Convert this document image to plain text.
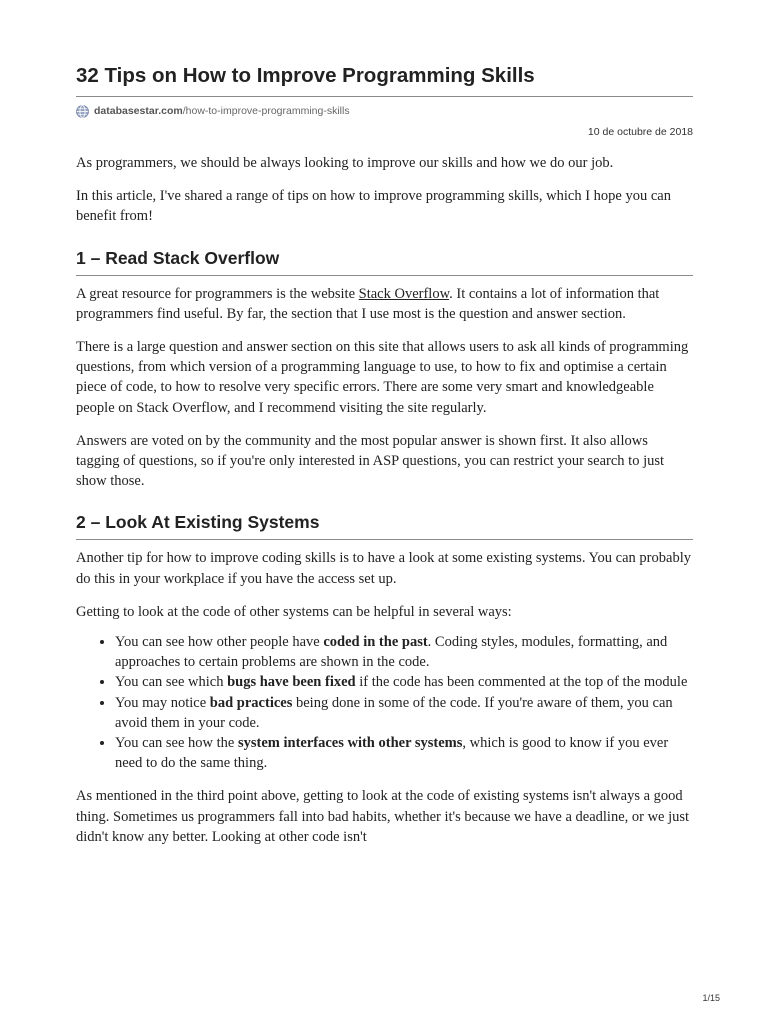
32 Tips on How to Improve Programming Skills
databasestar.com /how-to-improve-programming-skills
10 de octubre de 2018

As programmers, we should be always looking to improve our skills and how we do our job.

In this article, I've shared a range of tips on how to improve programming skills, which I hope you can benefit from!

1 – Read Stack Overflow

A great resource for programmers is the website Stack Overflow. It contains a lot of information that programmers find useful. By far, the section that I use most is the question and answer section.

There is a large question and answer section on this site that allows users to ask all kinds of programming questions, from which version of a programming language to use, to how to fix and optimise a certain piece of code, to how to resolve very specific errors. There are some very smart and knowledgeable people on Stack Overflow, and I recommend visiting the site regularly.

Answers are voted on by the community and the most popular answer is shown first. It also allows tagging of questions, so if you're only interested in ASP questions, you can restrict your search to just show those.

2 – Look At Existing Systems

Another tip for how to improve coding skills is to have a look at some existing systems. You can probably do this in your workplace if you have the access set up.

Getting to look at the code of other systems can be helpful in several ways:

• You can see how other people have coded in the past. Coding styles, modules, formatting, and approaches to certain problems are shown in the code.
• You can see which bugs have been fixed if the code has been commented at the top of the module
• You may notice bad practices being done in some of the code. If you're aware of them, you can avoid them in your code.
• You can see how the system interfaces with other systems, which is good to know if you ever need to do the same thing.

As mentioned in the third point above, getting to look at the code of existing systems isn't always a good thing. Sometimes us programmers fall into bad habits, whether it's because we have a deadline, or we just didn't know any better. Looking at other code isn't

1/15
